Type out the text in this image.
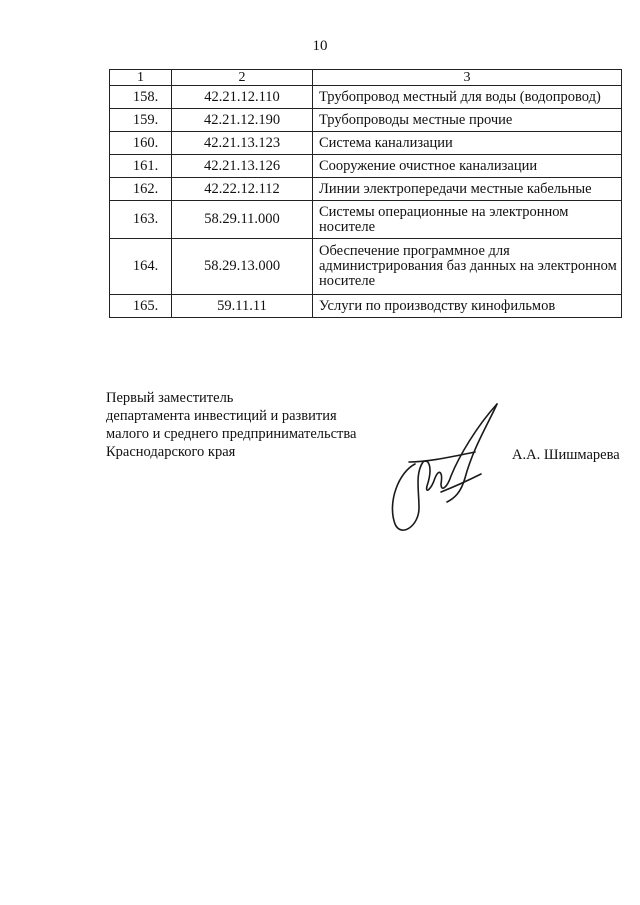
10
1	2	3
158.	42.21.12.110	Трубопровод местный для воды (водопровод)
159.	42.21.12.190	Трубопроводы местные прочие
160.	42.21.13.123	Система канализации
161.	42.21.13.126	Сооружение очистное канализации
162.	42.22.12.112	Линии электропередачи местные кабельные
163.	58.29.11.000	Системы операционные на электронном носителе
164.	58.29.13.000	Обеспечение программное для администрирования баз данных на электронном носителе
165.	59.11.11	Услуги по производству кинофильмов
Первый заместитель
департамента инвестиций и развития
малого и среднего предпринимательства
Краснодарского края	А.А. Шишмарева
